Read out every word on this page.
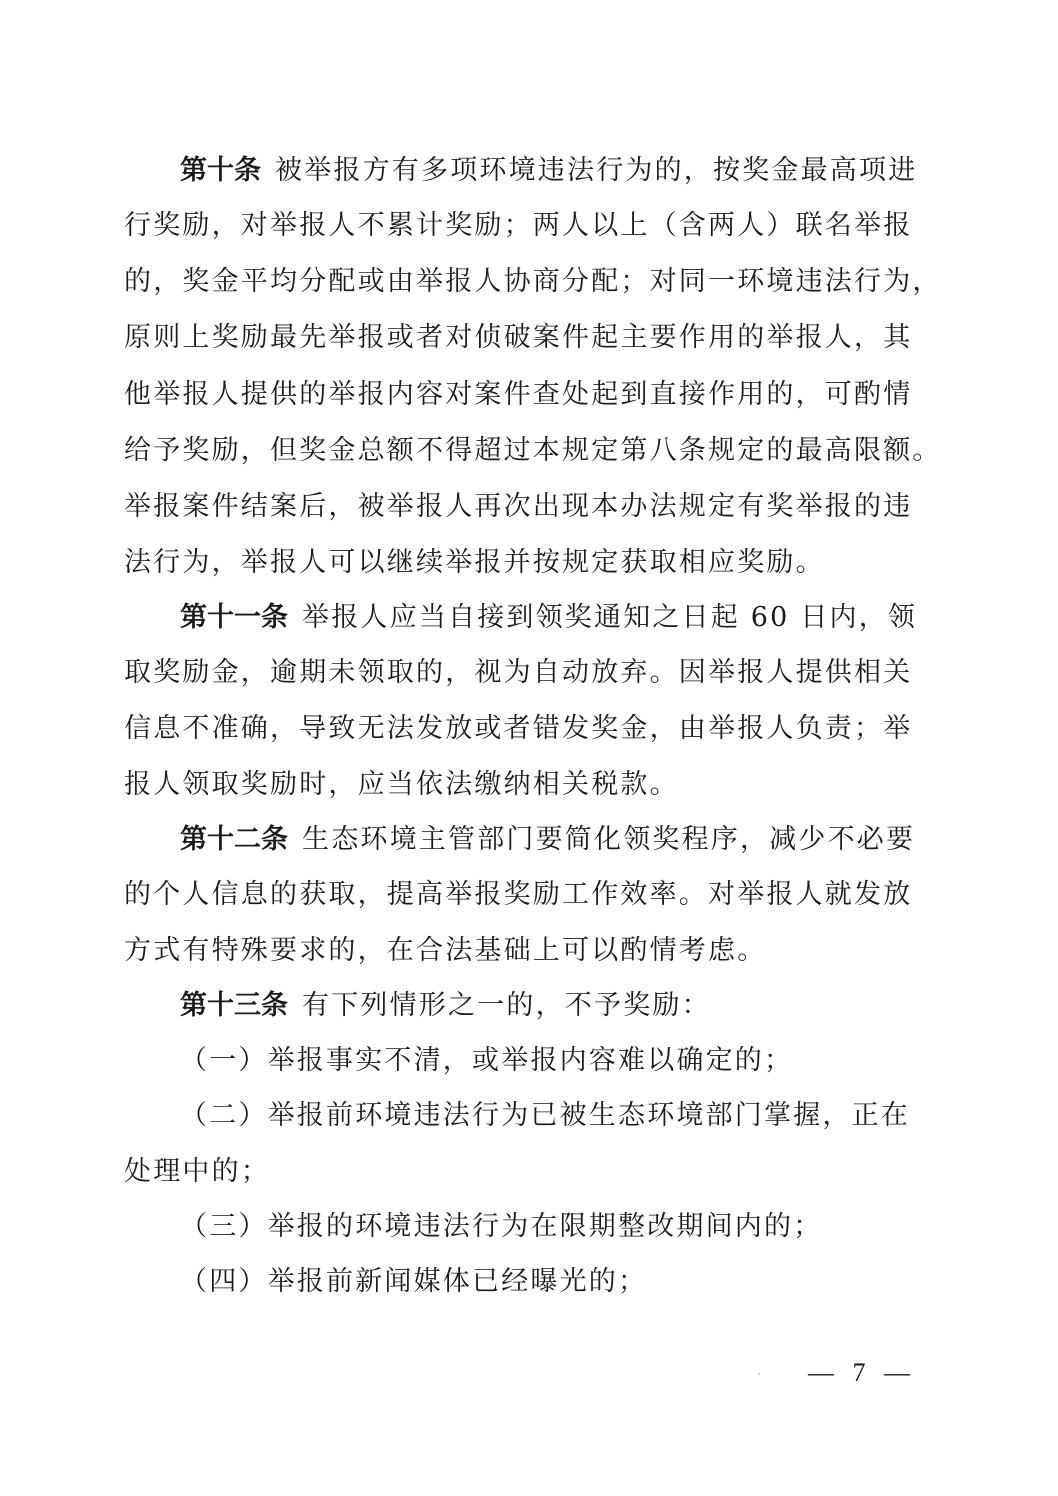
第十条 被举报方有多项环境违法行为的，按奖金最高项进
行奖励，对举报人不累计奖励；两人以上（含两人）联名举报
的，奖金平均分配或由举报人协商分配；对同一环境违法行为，
原则上奖励最先举报或者对侦破案件起主要作用的举报人，其
他举报人提供的举报内容对案件查处起到直接作用的，可酌情
给予奖励，但奖金总额不得超过本规定第八条规定的最高限额。
举报案件结案后，被举报人再次出现本办法规定有奖举报的违
法行为，举报人可以继续举报并按规定获取相应奖励。
第十一条 举报人应当自接到领奖通知之日起 60 日内，领
取奖励金，逾期未领取的，视为自动放弃。因举报人提供相关
信息不准确，导致无法发放或者错发奖金，由举报人负责；举
报人领取奖励时，应当依法缴纳相关税款。
第十二条 生态环境主管部门要简化领奖程序，减少不必要
的个人信息的获取，提高举报奖励工作效率。对举报人就发放
方式有特殊要求的，在合法基础上可以酌情考虑。
第十三条 有下列情形之一的，不予奖励：
（一）举报事实不清，或举报内容难以确定的；
（二）举报前环境违法行为已被生态环境部门掌握，正在
处理中的；
（三）举报的环境违法行为在限期整改期间内的；
（四）举报前新闻媒体已经曝光的；
— 7 —
